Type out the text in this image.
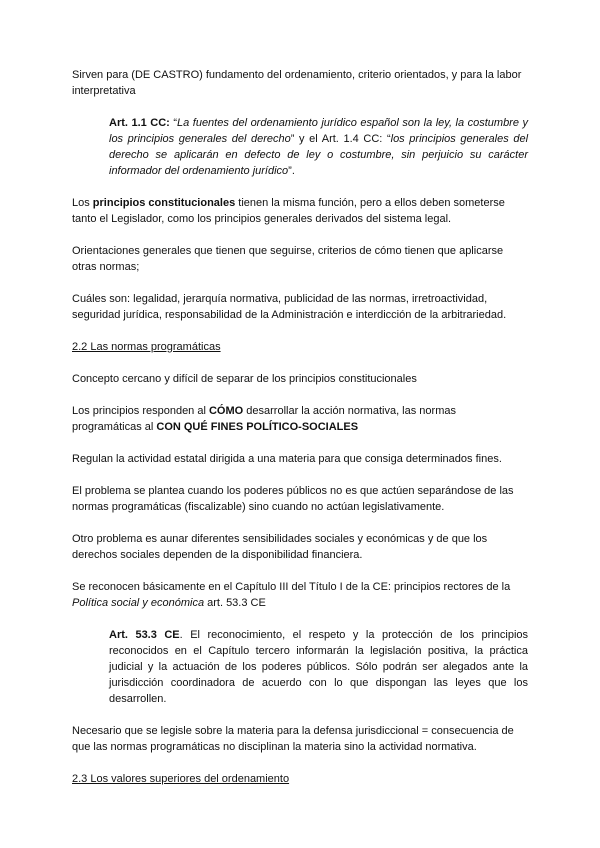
Sirven para (DE CASTRO) fundamento del ordenamiento, criterio orientados, y para la labor interpretativa

Art. 1.1 CC: “La fuentes del ordenamiento jurídico español son la ley, la costumbre y los principios generales del derecho” y el Art. 1.4 CC: “los principios generales del derecho se aplicarán en defecto de ley o costumbre, sin perjuicio su carácter informador del ordenamiento jurídico”.

Los principios constitucionales tienen la misma función, pero a ellos deben someterse tanto el Legislador, como los principios generales derivados del sistema legal.

Orientaciones generales que tienen que seguirse, criterios de cómo tienen que aplicarse otras normas;

Cuáles son: legalidad, jerarquía normativa, publicidad de las normas, irretroactividad, seguridad jurídica, responsabilidad de la Administración e interdicción de la arbitrariedad.

2.2 Las normas programáticas

Concepto cercano y difícil de separar de los principios constitucionales

Los principios responden al CÓMO desarrollar la acción normativa, las normas programáticas al CON QUÉ FINES POLÍTICO-SOCIALES

Regulan la actividad estatal dirigida a una materia para que consiga determinados fines.

El problema se plantea cuando los poderes públicos no es que actúen separándose de las normas programáticas (fiscalizable) sino cuando no actúan legislativamente.

Otro problema es aunar diferentes sensibilidades sociales y económicas y de que los derechos sociales dependen de la disponibilidad financiera.

Se reconocen básicamente en el Capítulo III del Título I de la CE: principios rectores de la Política social y económica art. 53.3 CE

Art. 53.3 CE. El reconocimiento, el respeto y la protección de los principios reconocidos en el Capítulo tercero informarán la legislación positiva, la práctica judicial y la actuación de los poderes públicos. Sólo podrán ser alegados ante la jurisdicción coordinadora de acuerdo con lo que dispongan las leyes que los desarrollen.

Necesario que se legisle sobre la materia para la defensa jurisdiccional = consecuencia de que las normas programáticas no disciplinan la materia sino la actividad normativa.

2.3 Los valores superiores del ordenamiento
